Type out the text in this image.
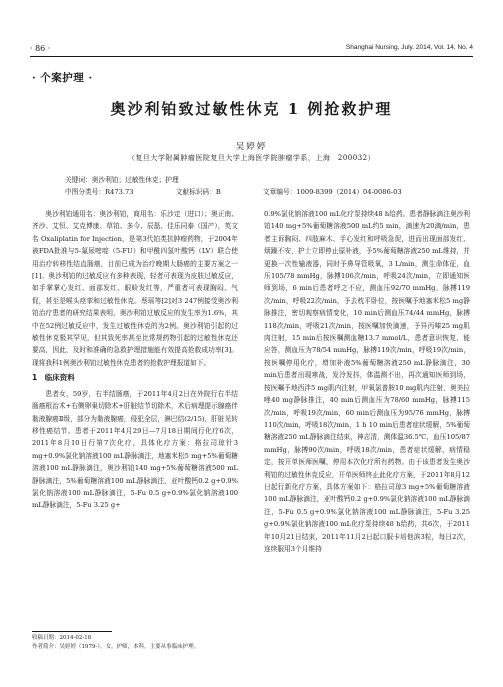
· 86 ·	Shanghai Nursing, July. 2014, Vol. 14, No. 4
· 个案护理 ·
奥沙利铂致过敏性休克 1 例抢救护理
吴婷婷
（复旦大学附属肿瘤医院复旦大学上海医学院肿瘤学系，上海　200032）
关键词：奥沙利铂；过敏性休克；护理
中图分类号：R473.73	文献标识码：B	文章编号：1009-8399（2014）04-0086-03

奥沙利铂通用名：奥沙利铂，商用名：乐沙定（进口）；奥正南、齐沙、艾恒、艾克博康、草铂、多今、辰磊、佳乐同泰（国产），英文名 Oxaliplatin for Injection，是第3代铂类抗肿瘤药物，于2004年被FDA批准与5-氟尿嘧啶（5-FU）和甲酰四氢叶酸钙（LV）联合使用治疗转移性结直肠癌，目前已成为治疗晚期大肠癌的主要方案之一[1]。奥沙利铂的过敏反应有多种表现，轻者可表现为皮肤过敏反应，如手掌掌心发红、面部发红、眼睑发红等，严重者可表现胸闷、气促，甚至是喉头痉挛和过敏性休克。蔡瑶等[2]对3 247例接受奥沙利铂治疗患者的研究结果表明，奥沙利铂过敏反应的发生率为1.6%，其中在52例过敏反应中，发生过敏性休克的为2例。奥沙利铂引起的过敏性休克极其罕见，但其致死率甚至比常规药物引起的过敏性休克还要高，因此，及时和准确的急救护理措施能有效提高抢救成功率[3]。现将我科1例奥沙利铂过敏性休克患者的抢救护理报道如下。

1　临床资料

患者女，59岁，右半结肠癌，于2011年4月2日在外院行右半结肠癌根治术+右侧卵巢切除术+肝脏结节切除术，术后病理提示腺癌伴黏液腺癌Ⅱ级，部分为黏液腺癌，侵犯全层，淋巴结(2/15)，肝脏见转移性癌结节。患者于2011年4月29日—7月18日期间行化疗6次，2011年8月10日行第7次化疗，具体化疗方案：格拉司琼针3 mg+0.9%氯化钠溶液100 mL静脉滴注，地塞米松5 mg+5%葡萄糖溶液100 mL静脉滴注，奥沙利铂140 mg+5%葡萄糖溶液500 mL静脉滴注，5%葡萄糖溶液100 mL静脉滴注，亚叶酸钙0.2 g+0.9%氯化钠溶液100 mL静脉滴注，5-Fu 0.5 g+0.9%氯化钠溶液100 mL静脉滴注，5-Fu 3.25 g+

0.9%氯化钠溶液100 mL化疗泵持续48 h给药。患者静脉滴注奥沙利铂140 mg+5%葡萄糖溶液500 mL约5 min，滴速为20滴/min，患者主诉胸闷、四肢麻木、手心发红和呼吸急促，进而出现面部发红、烦躁不安，护士立即停止原补液，予5%葡萄糖溶液250 mL维持，并更换一次性输液器，同时予鼻导管吸氧，3 L/min，测生命体征，血压105/78 mmHg，脉搏106次/min，呼吸24次/min，立即通知医师到场，6 min后患者呼之不应，测血压92/70 mmHg，脉搏119次/min，呼吸22次/min，予去枕平卧位，按医嘱予地塞米松5 mg静脉推注，密切观察病情变化，10 min后测血压74/44 mmHg，脉搏118次/min，呼吸21次/min，按医嘱加快滴速，予异丙嗪25 mg肌肉注射，15 min后按医嘱测血糖13.7 mmol/L，患者意识恢复，能应答，测血压为78/54 mmHg，脉搏119次/min，呼吸19次/min，按医嘱停用化疗，增加补液5%葡萄糖溶液250 mL静脉滴注，30 min后患者出现寒战，发冷发抖，体温测不出，再次通知医师到场，按医嘱予地西泮5 mg肌内注射，甲氧氯普胺10 mg肌内注射，奥美拉唑40 mg静脉推注，40 min后测血压为78/60 mmHg，脉搏115次/min，呼吸19次/min，60 min后测血压为95/76 mmHg，脉搏110次/min，呼吸18次/min，1 h 10 min后患者症状缓解，5%葡萄糖溶液250 mL静脉滴注结束，神志清，测体温36.5℃，血压105/87 mmHg，脉搏90次/min，呼吸18次/min，患者症状缓解，病情稳定，按开单医师医嘱，停用本次化疗所有药物。由于该患者发生奥沙利铂的过敏性休克反应，开单医师终止此化疗方案，于2011年8月12日起行新化疗方案，具体方案如下：格拉司琼3 mg+5%葡萄糖溶液100 mL静脉滴注，亚叶酸钙0.2 g+0.9%氯化钠溶液100 mL静脉滴注，5-Fu 0.5 g+0.9%氯化钠溶液100 mL静脉滴注，5-Fu 3.25 g+0.9%氯化钠溶液100 mL化疗泵持续48 h给药，共6次，于2011年10月21日结束，2011年11月2日起口服卡培他滨3粒，每日2次，连续服用3个月维持

收稿日期：2014-02-18
作者简介：吴婷婷（1979-），女，护师，本科，主要从事临床护理。
